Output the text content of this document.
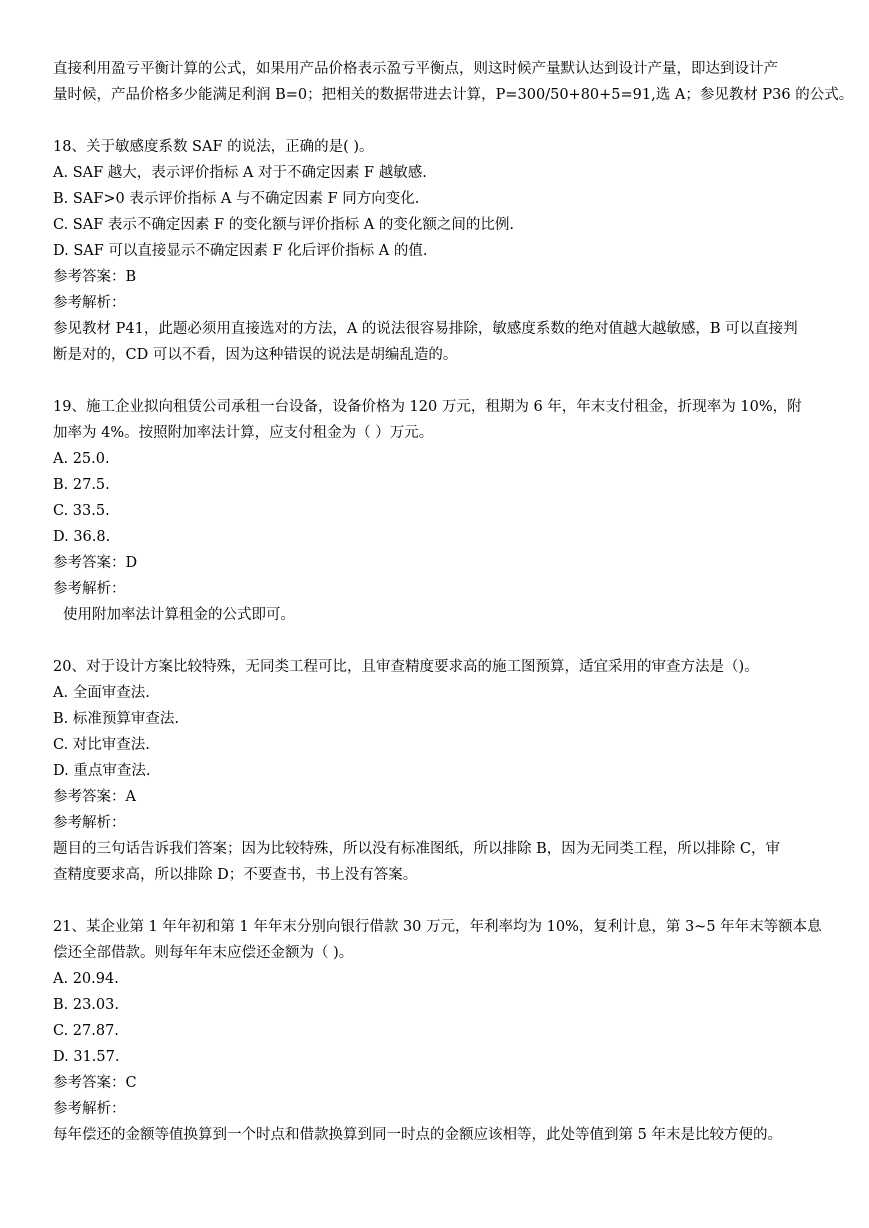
直接利用盈亏平衡计算的公式，如果用产品价格表示盈亏平衡点，则这时候产量默认达到设计产量，即达到设计产
量时候，产品价格多少能满足利润 B=0；把相关的数据带进去计算，P=300/50+80+5=91,选 A；参见教材 P36 的公式。
18、关于敏感度系数 SAF 的说法，正确的是( )。
A. SAF 越大，表示评价指标 A 对于不确定因素 F 越敏感.
B. SAF>0 表示评价指标 A 与不确定因素 F 同方向变化.
C. SAF 表示不确定因素 F 的变化额与评价指标 A 的变化额之间的比例.
D. SAF 可以直接显示不确定因素 F 化后评价指标 A 的值.
参考答案：B
参考解析：
参见教材 P41，此题必须用直接选对的方法，A 的说法很容易排除，敏感度系数的绝对值越大越敏感，B 可以直接判
断是对的，CD 可以不看，因为这种错误的说法是胡编乱造的。
19、施工企业拟向租赁公司承租一台设备，设备价格为 120 万元，租期为 6 年，年末支付租金，折现率为 10%，附
加率为 4%。按照附加率法计算，应支付租金为（ ）万元。
A. 25.0.
B. 27.5.
C. 33.5.
D. 36.8.
参考答案：D
参考解析：
使用附加率法计算租金的公式即可。
20、对于设计方案比较特殊，无同类工程可比，且审查精度要求高的施工图预算，适宜采用的审查方法是（)。
A. 全面审查法.
B. 标准预算审查法.
C. 对比审查法.
D. 重点审查法.
参考答案：A
参考解析：
题目的三句话告诉我们答案；因为比较特殊，所以没有标准图纸，所以排除 B，因为无同类工程，所以排除 C，审
查精度要求高，所以排除 D；不要查书，书上没有答案。
21、某企业第 1 年年初和第 1 年年末分别向银行借款 30 万元，年利率均为 10%，复利计息，第 3~5 年年末等额本息
偿还全部借款。则每年年末应偿还金额为（ )。
A. 20.94.
B. 23.03.
C. 27.87.
D. 31.57.
参考答案：C
参考解析：
每年偿还的金额等值换算到一个时点和借款换算到同一时点的金额应该相等，此处等值到第 5 年末是比较方便的。
